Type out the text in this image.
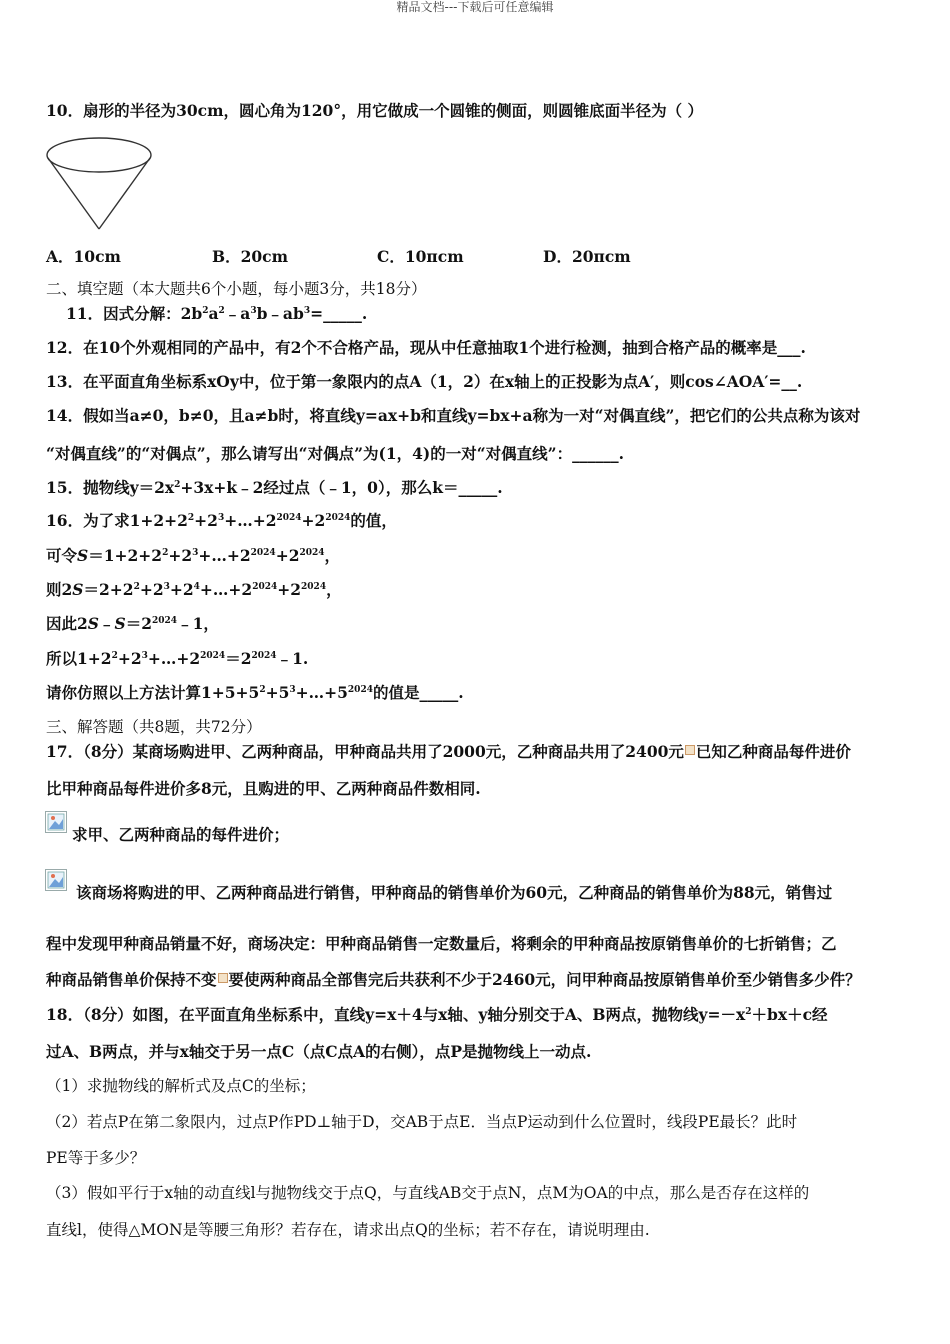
精品文档---下载后可任意编辑
10．扇形的半径为30cm，圆心角为120°，用它做成一个圆锥的侧面，则圆锥底面半径为（ ）
A．10cm	B．20cm	C．10πcm	D．20πcm
二、填空题（本大题共6个小题，每小题3分，共18分）
11．因式分解：$2b^2a^2﹣a^3b﹣ab^3=\_\_\_\_\_$.
12．在10个外观相同的产品中，有2个不合格产品，现从中任意抽取1个进行检测，抽到合格产品的概率是___.
13．在平面直角坐标系xOy中，位于第一象限内的点A（1，2）在x轴上的正投影为点A′，则cos∠AOA′=__.
14．假如当a≠0，b≠0，且a≠b时，将直线y=ax+b和直线y=bx+a称为一对“对偶直线”，把它们的公共点称为该对
“对偶直线”的“对偶点”，那么请写出“对偶点”为(1，4)的一对“对偶直线”：______.
15．抛物线$y=2x^2+3x+k﹣2$经过点（﹣1，0），那么k＝_____.
16．为了求$1+2+2^2+2^3+\dots+2^{2024}+2^{2024}$的值，
可令$S=1+2+2^2+2^3+\dots+2^{2024}+2^{2024}$，
则$2S=2+2^2+2^3+2^4+\dots+2^{2024}+2^{2024}$，
因此$2S﹣S=2^{2024}﹣1$，
所以$1+2^2+2^3+\dots+2^{2024}=2^{2024}﹣1$.
请你仿照以上方法计算$1+5+5^2+5^3+\dots+5^{2024}$的值是_____.
三、解答题（共8题，共72分）
17．（8分）某商场购进甲、乙两种商品，甲种商品共用了2000元，乙种商品共用了2400元 已知乙种商品每件进价
比甲种商品每件进价多8元，且购进的甲、乙两种商品件数相同.
求甲、乙两种商品的每件进价；
该商场将购进的甲、乙两种商品进行销售，甲种商品的销售单价为60元，乙种商品的销售单价为88元，销售过
程中发现甲种商品销量不好，商场决定：甲种商品销售一定数量后，将剩余的甲种商品按原销售单价的七折销售；乙
种商品销售单价保持不变 要使两种商品全部售完后共获利不少于2460元，问甲种商品按原销售单价至少销售多少件？
18．（8分）如图，在平面直角坐标系中，直线y=x＋4与x轴、y轴分别交于A、B两点，抛物线$y=-x^2+bx+c$经
过A、B两点，并与x轴交于另一点C（点C点A的右侧），点P是抛物线上一动点.
（1）求抛物线的解析式及点C的坐标；
（2）若点P在第二象限内，过点P作PD⊥轴于D，交AB于点E．当点P运动到什么位置时，线段PE最长？此时
PE等于多少？
（3）假如平行于x轴的动直线l与抛物线交于点Q，与直线AB交于点N，点M为OA的中点，那么是否存在这样的
直线l，使得△MON是等腰三角形？若存在，请求出点Q的坐标；若不存在，请说明理由.
